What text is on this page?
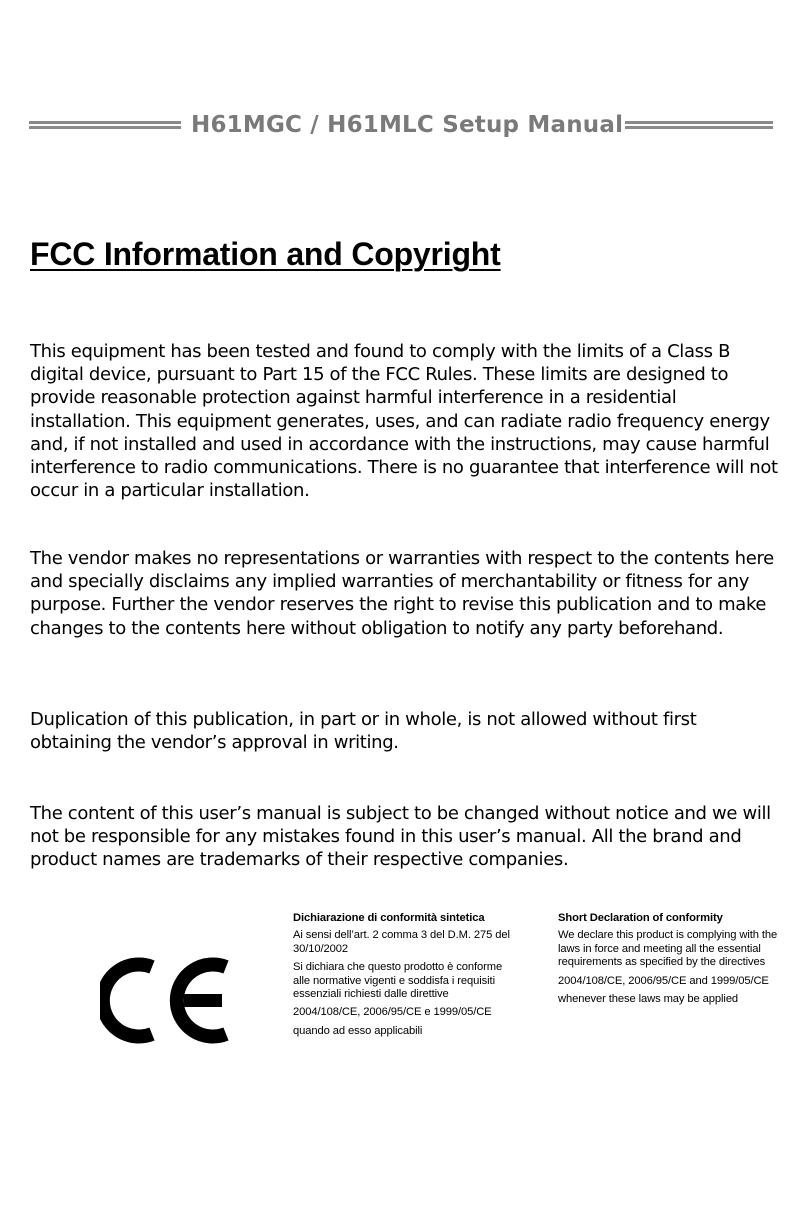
H61MGC / H61MLC Setup Manual
FCC Information and Copyright

This equipment has been tested and found to comply with the limits of a Class B digital device, pursuant to Part 15 of the FCC Rules. These limits are designed to provide reasonable protection against harmful interference in a residential installation. This equipment generates, uses, and can radiate radio frequency energy and, if not installed and used in accordance with the instructions, may cause harmful interference to radio communications. There is no guarantee that interference will not occur in a particular installation.

The vendor makes no representations or warranties with respect to the contents here and specially disclaims any implied warranties of merchantability or fitness for any purpose. Further the vendor reserves the right to revise this publication and to make changes to the contents here without obligation to notify any party beforehand.

Duplication of this publication, in part or in whole, is not allowed without first obtaining the vendor’s approval in writing.

The content of this user’s manual is subject to be changed without notice and we will not be responsible for any mistakes found in this user’s manual. All the brand and product names are trademarks of their respective companies.

Dichiarazione di conformità sintetica

Ai sensi dell’art. 2 comma 3 del D.M. 275 del 30/10/2002

Si dichiara che questo prodotto è conforme alle normative vigenti e soddisfa i requisiti essenziali richiesti dalle direttive

2004/108/CE, 2006/95/CE e 1999/05/CE

quando ad esso applicabili

Short Declaration of conformity

We declare this product is complying with the laws in force and meeting all the essential requirements as specified by the directives

2004/108/CE, 2006/95/CE and 1999/05/CE

whenever these laws may be applied
